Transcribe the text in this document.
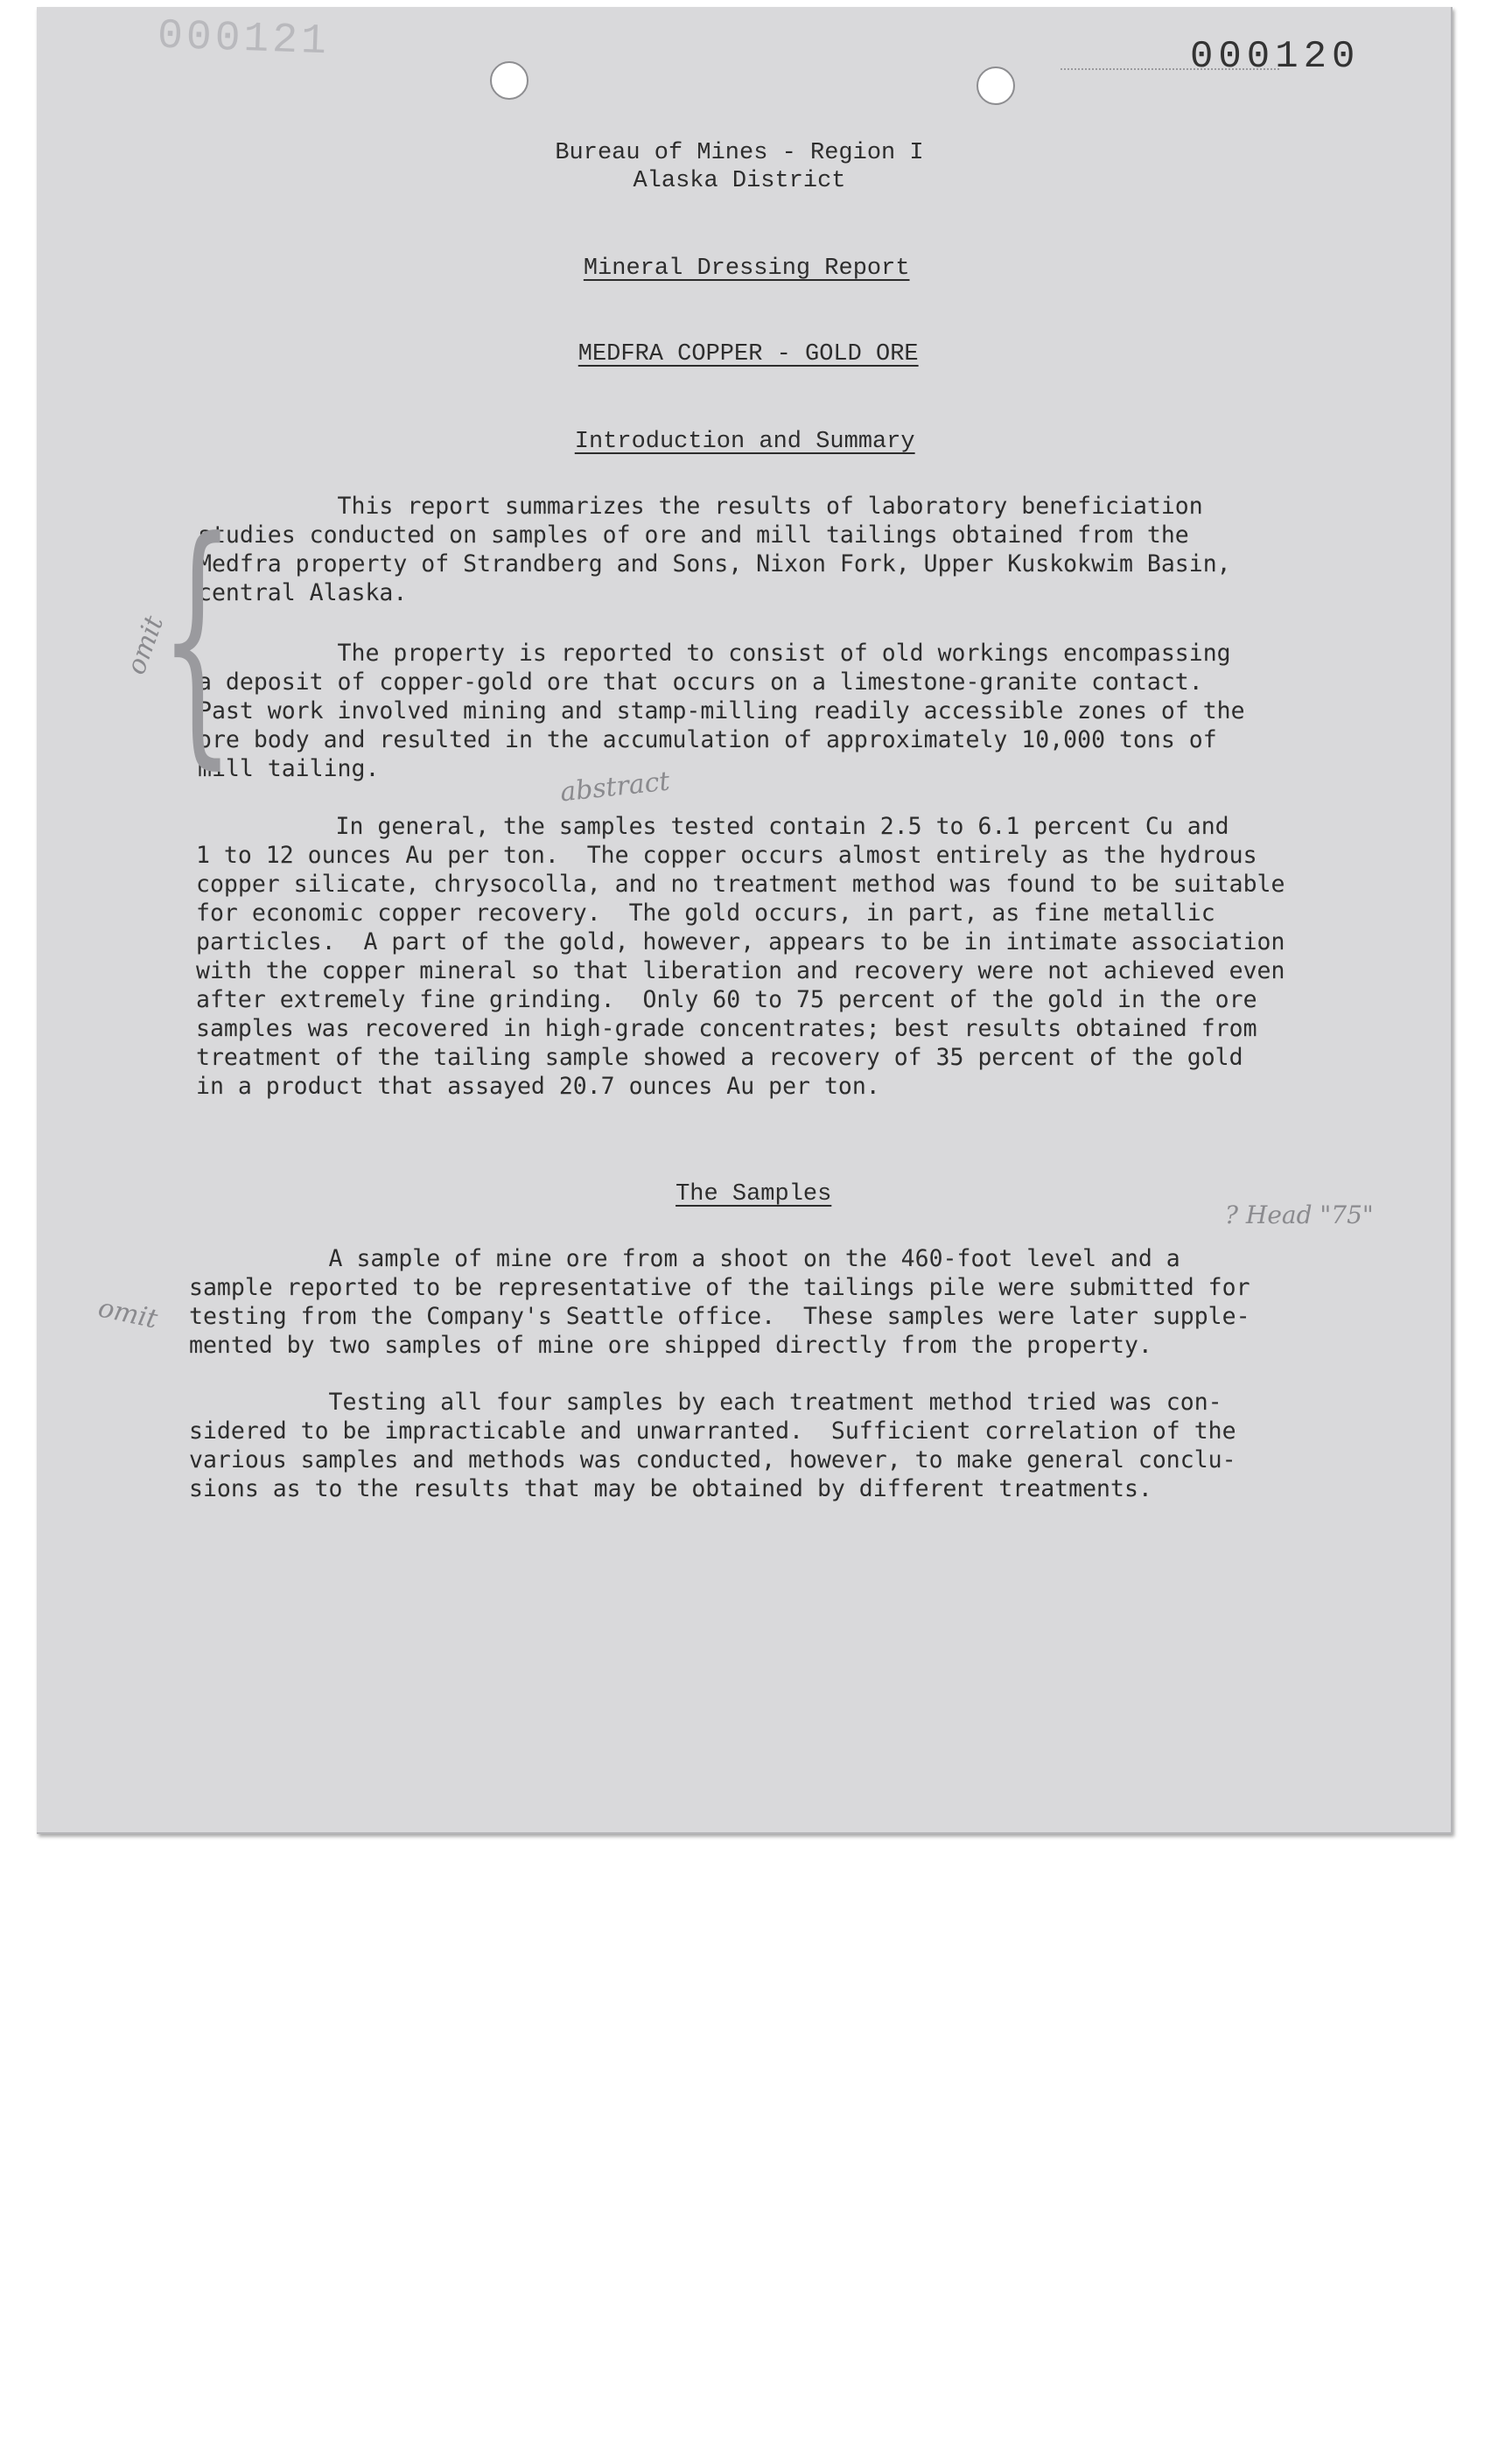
000121	000120
Bureau of Mines - Region I
Alaska District

Mineral Dressing Report

MEDFRA COPPER - GOLD ORE

Introduction and Summary

This report summarizes the results of laboratory beneficiation
studies conducted on samples of ore and mill tailings obtained from the
Medfra property of Strandberg and Sons, Nixon Fork, Upper Kuskokwim Basin,
central Alaska.
The property is reported to consist of old workings encompassing
a deposit of copper-gold ore that occurs on a limestone-granite contact.
Past work involved mining and stamp-milling readily accessible zones of the
ore body and resulted in the accumulation of approximately 10,000 tons of
mill tailing.
In general, the samples tested contain 2.5 to 6.1 percent Cu and
1 to 12 ounces Au per ton.  The copper occurs almost entirely as the hydrous
copper silicate, chrysocolla, and no treatment method was found to be suitable
for economic copper recovery.  The gold occurs, in part, as fine metallic
particles.  A part of the gold, however, appears to be in intimate association
with the copper mineral so that liberation and recovery were not achieved even
after extremely fine grinding.  Only 60 to 75 percent of the gold in the ore
samples was recovered in high-grade concentrates; best results obtained from
treatment of the tailing sample showed a recovery of 35 percent of the gold
in a product that assayed 20.7 ounces Au per ton.

The Samples

A sample of mine ore from a shoot on the 460-foot level and a
sample reported to be representative of the tailings pile were submitted for
testing from the Company's Seattle office.  These samples were later supple-
mented by two samples of mine ore shipped directly from the property.
Testing all four samples by each treatment method tried was con-
sidered to be impracticable and unwarranted.  Sufficient correlation of the
various samples and methods was conducted, however, to make general conclu-
sions as to the results that may be obtained by different treatments.
{
omit
abstract
? Head "75"
omit
